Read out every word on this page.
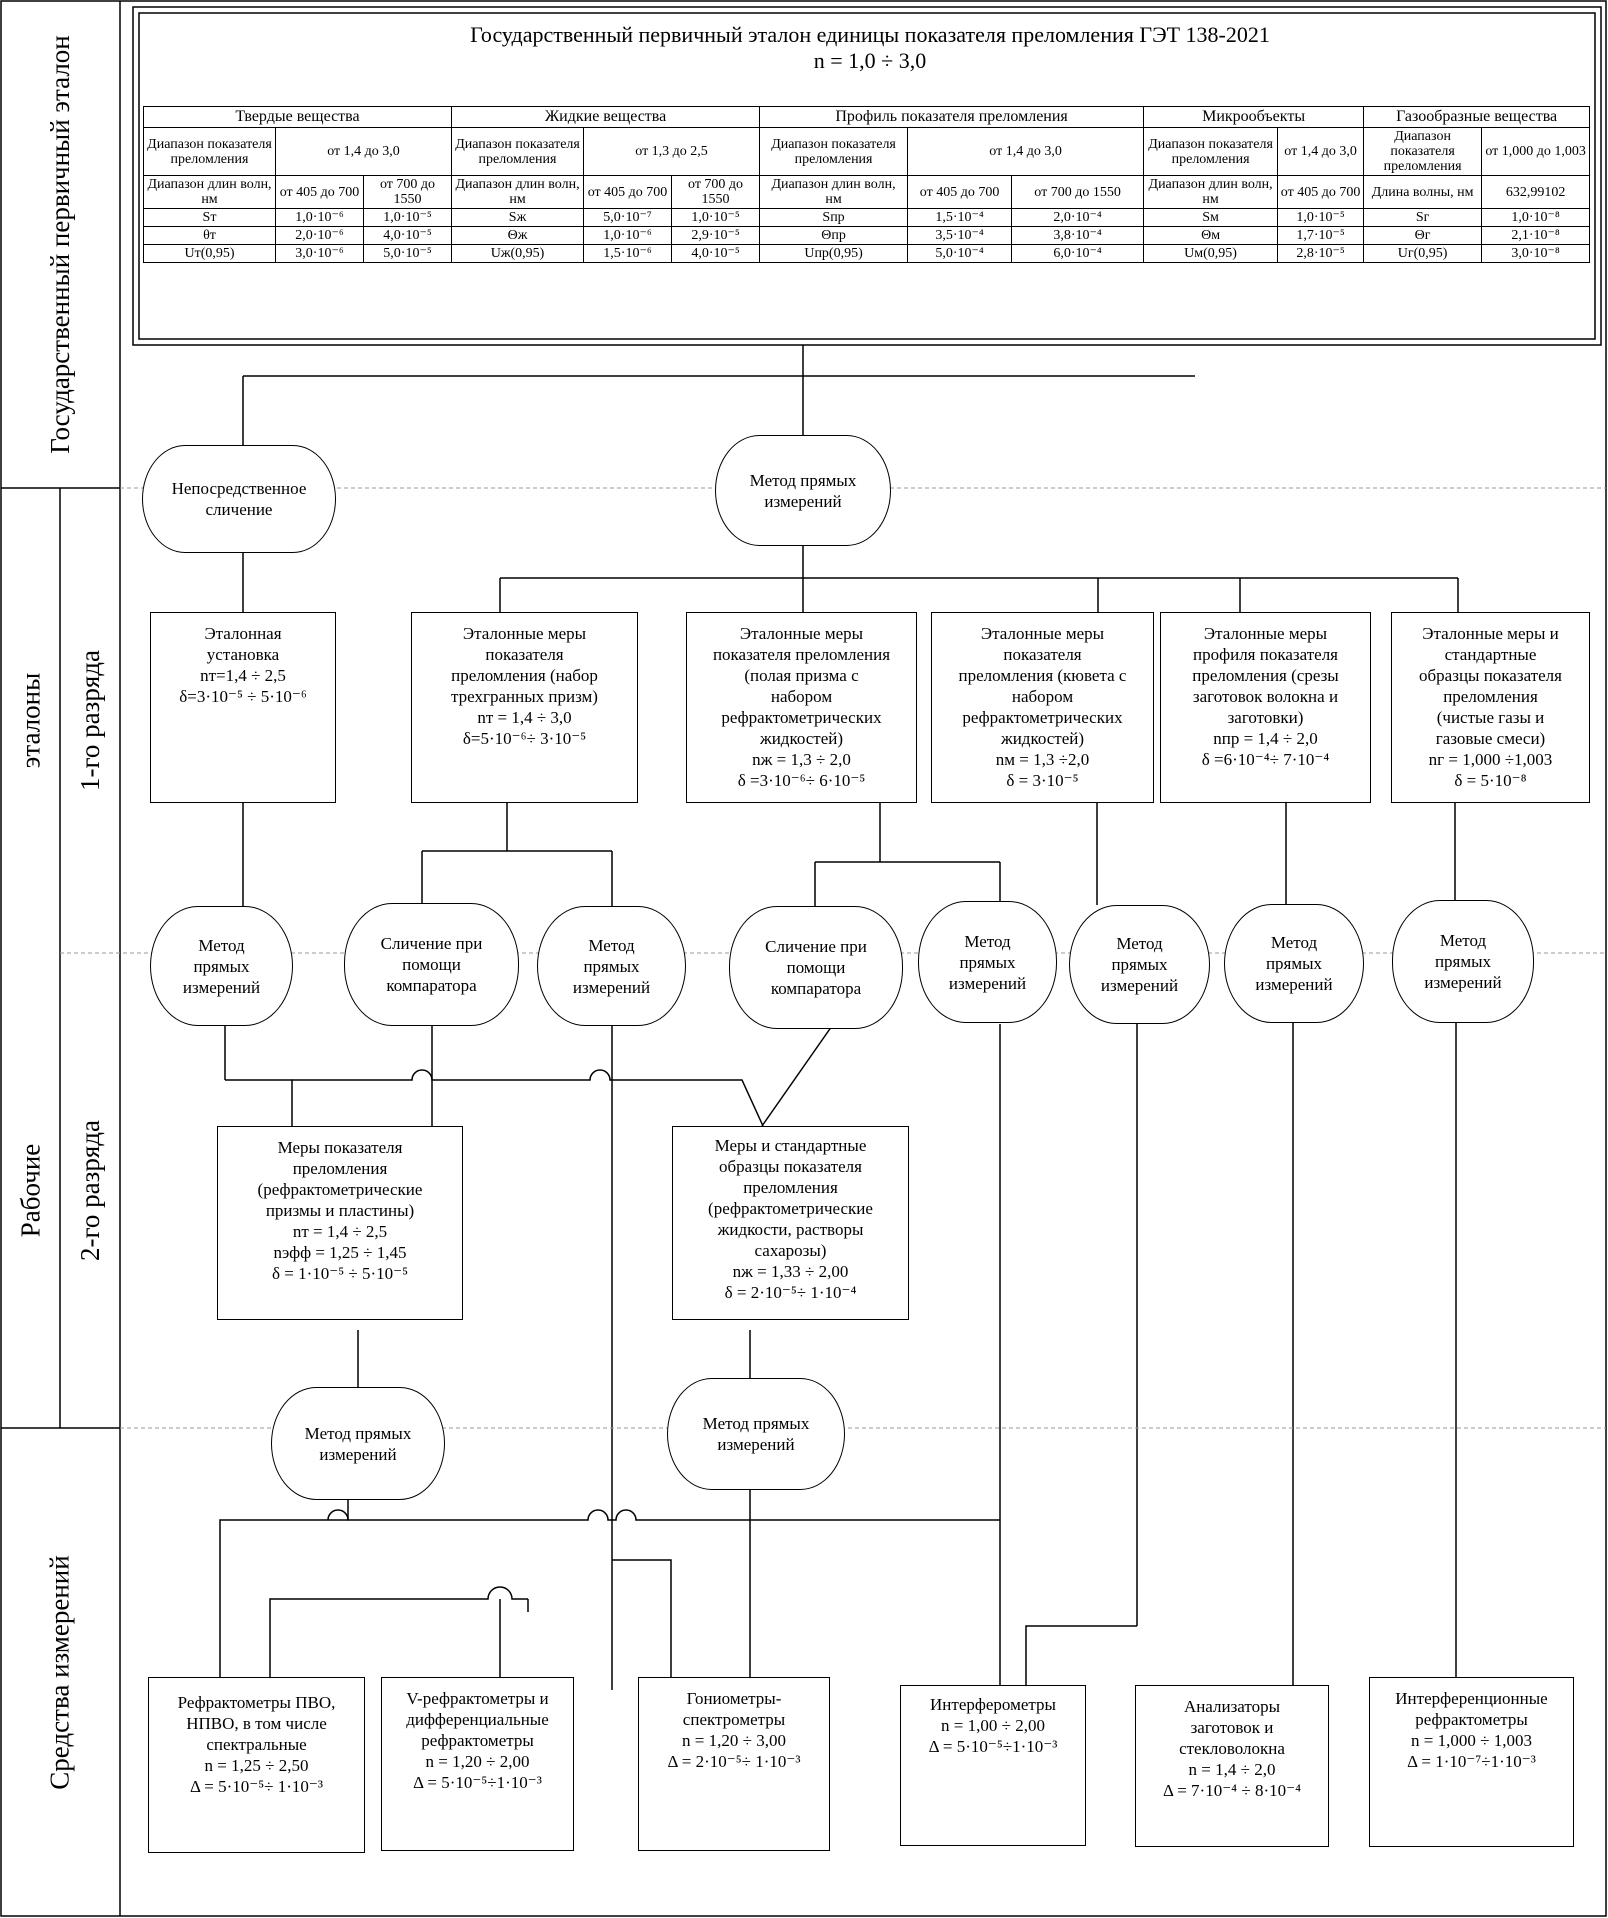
Государственный первичный эталон
эталоны
Рабочие
Средства измерений
1-го разряда
2-го разряда
Государственный первичный эталон единицы показателя преломления ГЭТ 138-2021
n = 1,0 ÷ 3,0
Твердые вещества			Жидкие вещества			Профиль показателя преломления			Микрообъекты		Газообразные вещества	
Диапазон показателя преломления	от 1,4 до 3,0		Диапазон показателя преломления	от 1,3 до 2,5		Диапазон показателя преломления	от 1,4 до 3,0		Диапазон показателя преломления	от 1,4 до 3,0	Диапазон показателя преломления	от 1,000 до 1,003
Диапазон длин волн, нм	от 405 до 700	от 700 до 1550	Диапазон длин волн, нм	от 405 до 700	от 700 до 1550	Диапазон длин волн, нм	от 405 до 700	от 700 до 1550	Диапазон длин волн, нм	от 405 до 700	Длина волны, нм	632,99102
Sт	1,0·10⁻⁶	1,0·10⁻⁵	Sж	5,0·10⁻⁷	1,0·10⁻⁵	Sпр	1,5·10⁻⁴	2,0·10⁻⁴	Sм	1,0·10⁻⁵	Sг	1,0·10⁻⁸
θт	2,0·10⁻⁶	4,0·10⁻⁵	Θж	1,0·10⁻⁶	2,9·10⁻⁵	Θпр	3,5·10⁻⁴	3,8·10⁻⁴	Θм	1,7·10⁻⁵	Θг	2,1·10⁻⁸
Uт(0,95)	3,0·10⁻⁶	5,0·10⁻⁵	Uж(0,95)	1,5·10⁻⁶	4,0·10⁻⁵	Uпр(0,95)	5,0·10⁻⁴	6,0·10⁻⁴	Uм(0,95)	2,8·10⁻⁵	Uг(0,95)	3,0·10⁻⁸
Непосредственное
сличение
Метод прямых
измерений
Эталонная
установка
nт=1,4 ÷ 2,5
δ=3·10⁻⁵ ÷ 5·10⁻⁶
Эталонные меры
показателя
преломления (набор
трехгранных призм)
nт = 1,4 ÷ 3,0
δ=5·10⁻⁶÷ 3·10⁻⁵
Эталонные меры
показателя преломления
(полая призма с
набором
рефрактометрических
жидкостей)
nж = 1,3 ÷ 2,0
δ =3·10⁻⁶÷ 6·10⁻⁵
Эталонные меры
показателя
преломления (кювета с
набором
рефрактометрических
жидкостей)
nм = 1,3 ÷2,0
δ = 3·10⁻⁵
Эталонные меры
профиля показателя
преломления (срезы
заготовок волокна и
заготовки)
nпр = 1,4 ÷ 2,0
δ =6·10⁻⁴÷ 7·10⁻⁴
Эталонные меры и
стандартные
образцы показателя
преломления
(чистые газы и
газовые смеси)
nг = 1,000 ÷1,003
δ = 5·10⁻⁸
Метод
прямых
измерений
Сличение при
помощи
компаратора
Метод
прямых
измерений
Сличение при
помощи
компаратора
Метод
прямых
измерений
Метод
прямых
измерений
Метод
прямых
измерений
Метод
прямых
измерений
Меры показателя
преломления
(рефрактометрические
призмы и пластины)
nт = 1,4 ÷ 2,5
nэфф = 1,25 ÷ 1,45
δ = 1·10⁻⁵ ÷ 5·10⁻⁵
Меры и стандартные
образцы показателя
преломления
(рефрактометрические
жидкости, растворы
сахарозы)
nж = 1,33 ÷ 2,00
δ = 2·10⁻⁵÷ 1·10⁻⁴
Метод прямых
измерений
Метод прямых
измерений
Рефрактометры ПВО,
НПВО, в том числе
спектральные
n = 1,25 ÷ 2,50
Δ = 5·10⁻⁵÷ 1·10⁻³
V-рефрактометры и
дифференциальные
рефрактометры
n = 1,20 ÷ 2,00
Δ = 5·10⁻⁵÷1·10⁻³
Гониометры-
спектрометры
n = 1,20 ÷ 3,00
Δ = 2·10⁻⁵÷ 1·10⁻³
Интерферометры
n = 1,00 ÷ 2,00
Δ = 5·10⁻⁵÷1·10⁻³
Анализаторы
заготовок и
стекловолокна
n = 1,4 ÷ 2,0
Δ = 7·10⁻⁴ ÷ 8·10⁻⁴
Интерференционные
рефрактометры
n = 1,000 ÷ 1,003
Δ = 1·10⁻⁷÷1·10⁻³
